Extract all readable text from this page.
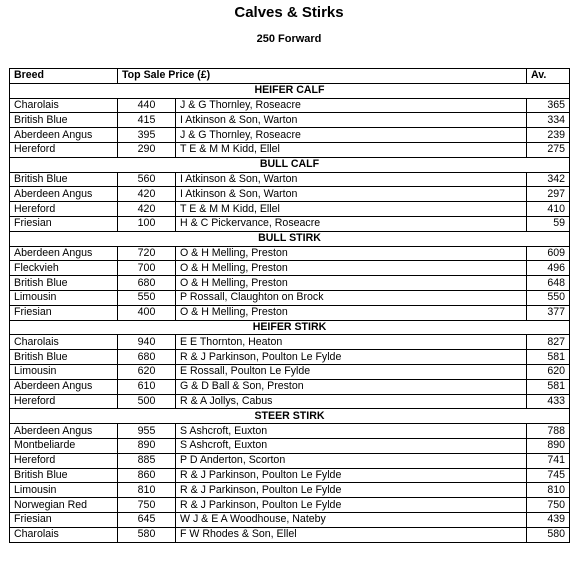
Calves & Stirks
250 Forward
Breed	Top Sale Price (£)		Av.
HEIFER CALF			
Charolais	440	J & G Thornley, Roseacre	365
British Blue	415	I Atkinson & Son, Warton	334
Aberdeen Angus	395	J & G Thornley, Roseacre	239
Hereford	290	T E & M M Kidd, Ellel	275
BULL CALF			
British Blue	560	I Atkinson & Son, Warton	342
Aberdeen Angus	420	I Atkinson & Son, Warton	297
Hereford	420	T E & M M Kidd, Ellel	410
Friesian	100	H & C Pickervance, Roseacre	59
BULL STIRK			
Aberdeen Angus	720	O & H Melling, Preston	609
Fleckvieh	700	O & H Melling, Preston	496
British Blue	680	O & H Melling, Preston	648
Limousin	550	P Rossall, Claughton on Brock	550
Friesian	400	O & H Melling, Preston	377
HEIFER STIRK			
Charolais	940	E E Thornton, Heaton	827
British Blue	680	R & J Parkinson, Poulton Le Fylde	581
Limousin	620	E Rossall, Poulton Le Fylde	620
Aberdeen Angus	610	G & D Ball & Son, Preston	581
Hereford	500	R & A Jollys, Cabus	433
STEER STIRK			
Aberdeen Angus	955	S Ashcroft, Euxton	788
Montbeliarde	890	S Ashcroft, Euxton	890
Hereford	885	P D Anderton, Scorton	741
British Blue	860	R & J Parkinson, Poulton Le Fylde	745
Limousin	810	R & J Parkinson, Poulton Le Fylde	810
Norwegian Red	750	R & J Parkinson, Poulton Le Fylde	750
Friesian	645	W J & E A Woodhouse, Nateby	439
Charolais	580	F W Rhodes & Son, Ellel	580
